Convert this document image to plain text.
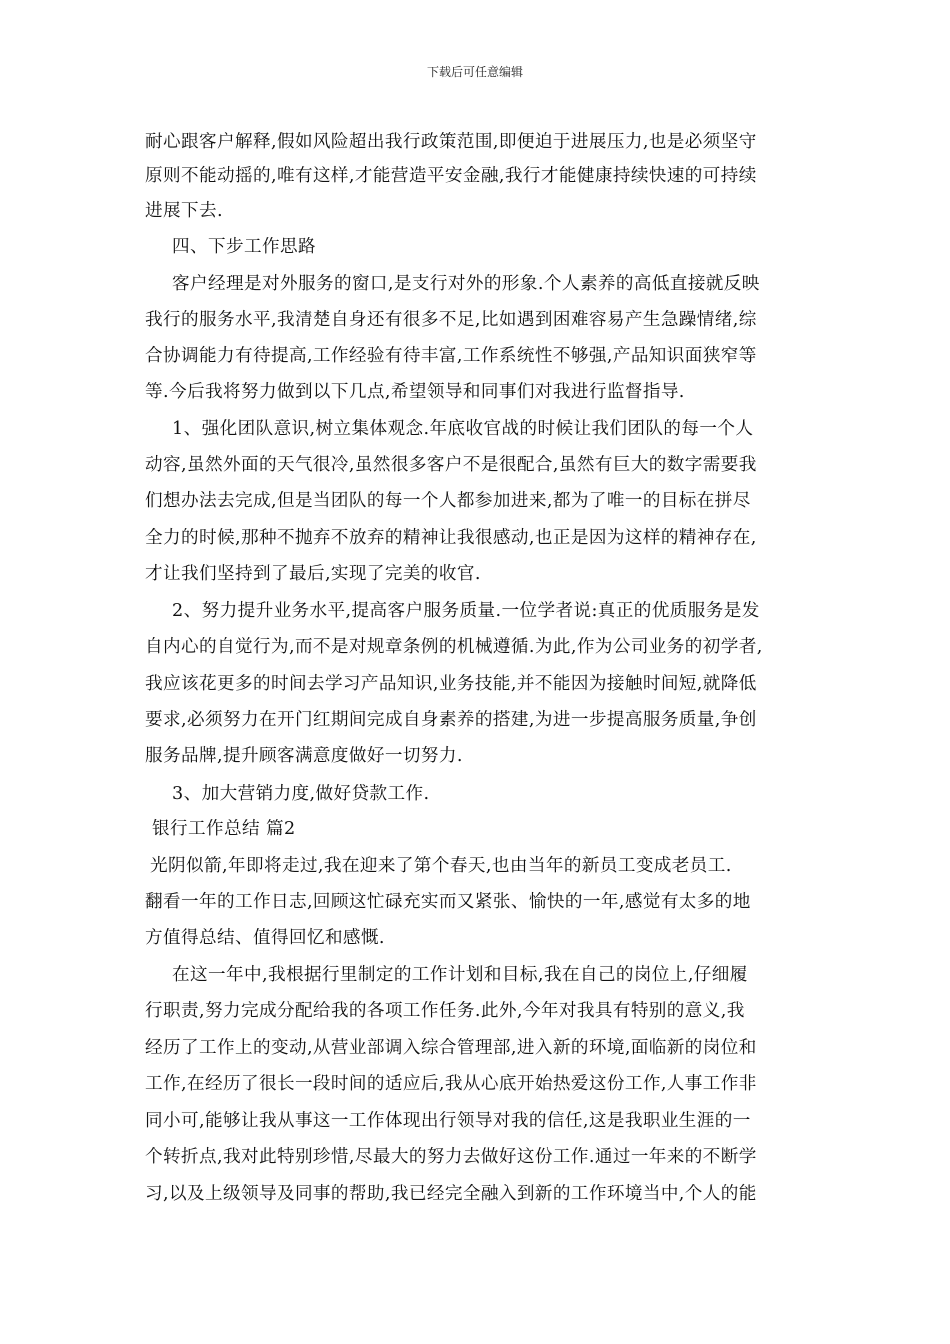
下载后可任意编辑
耐心跟客户解释,假如风险超出我行政策范围,即便迫于进展压力,也是必须坚守
原则不能动摇的,唯有这样,才能营造平安金融,我行才能健康持续快速的可持续
进展下去.
四、下步工作思路
客户经理是对外服务的窗口,是支行对外的形象.个人素养的高低直接就反映
我行的服务水平,我清楚自身还有很多不足,比如遇到困难容易产生急躁情绪,综
合协调能力有待提高,工作经验有待丰富,工作系统性不够强,产品知识面狭窄等
等.今后我将努力做到以下几点,希望领导和同事们对我进行监督指导.
1、强化团队意识,树立集体观念.年底收官战的时候让我们团队的每一个人
动容,虽然外面的天气很冷,虽然很多客户不是很配合,虽然有巨大的数字需要我
们想办法去完成,但是当团队的每一个人都参加进来,都为了唯一的目标在拼尽
全力的时候,那种不抛弃不放弃的精神让我很感动,也正是因为这样的精神存在,
才让我们坚持到了最后,实现了完美的收官.
2、努力提升业务水平,提高客户服务质量.一位学者说:真正的优质服务是发
自内心的自觉行为,而不是对规章条例的机械遵循.为此,作为公司业务的初学者,
我应该花更多的时间去学习产品知识,业务技能,并不能因为接触时间短,就降低
要求,必须努力在开门红期间完成自身素养的搭建,为进一步提高服务质量,争创
服务品牌,提升顾客满意度做好一切努力.
3、加大营销力度,做好贷款工作.
银行工作总结 篇2
光阴似箭,年即将走过,我在迎来了第个春天,也由当年的新员工变成老员工.
翻看一年的工作日志,回顾这忙碌充实而又紧张、愉快的一年,感觉有太多的地
方值得总结、值得回忆和感慨.
在这一年中,我根据行里制定的工作计划和目标,我在自己的岗位上,仔细履
行职责,努力完成分配给我的各项工作任务.此外,今年对我具有特别的意义,我
经历了工作上的变动,从营业部调入综合管理部,进入新的环境,面临新的岗位和
工作,在经历了很长一段时间的适应后,我从心底开始热爱这份工作,人事工作非
同小可,能够让我从事这一工作体现出行领导对我的信任,这是我职业生涯的一
个转折点,我对此特别珍惜,尽最大的努力去做好这份工作.通过一年来的不断学
习,以及上级领导及同事的帮助,我已经完全融入到新的工作环境当中,个人的能
